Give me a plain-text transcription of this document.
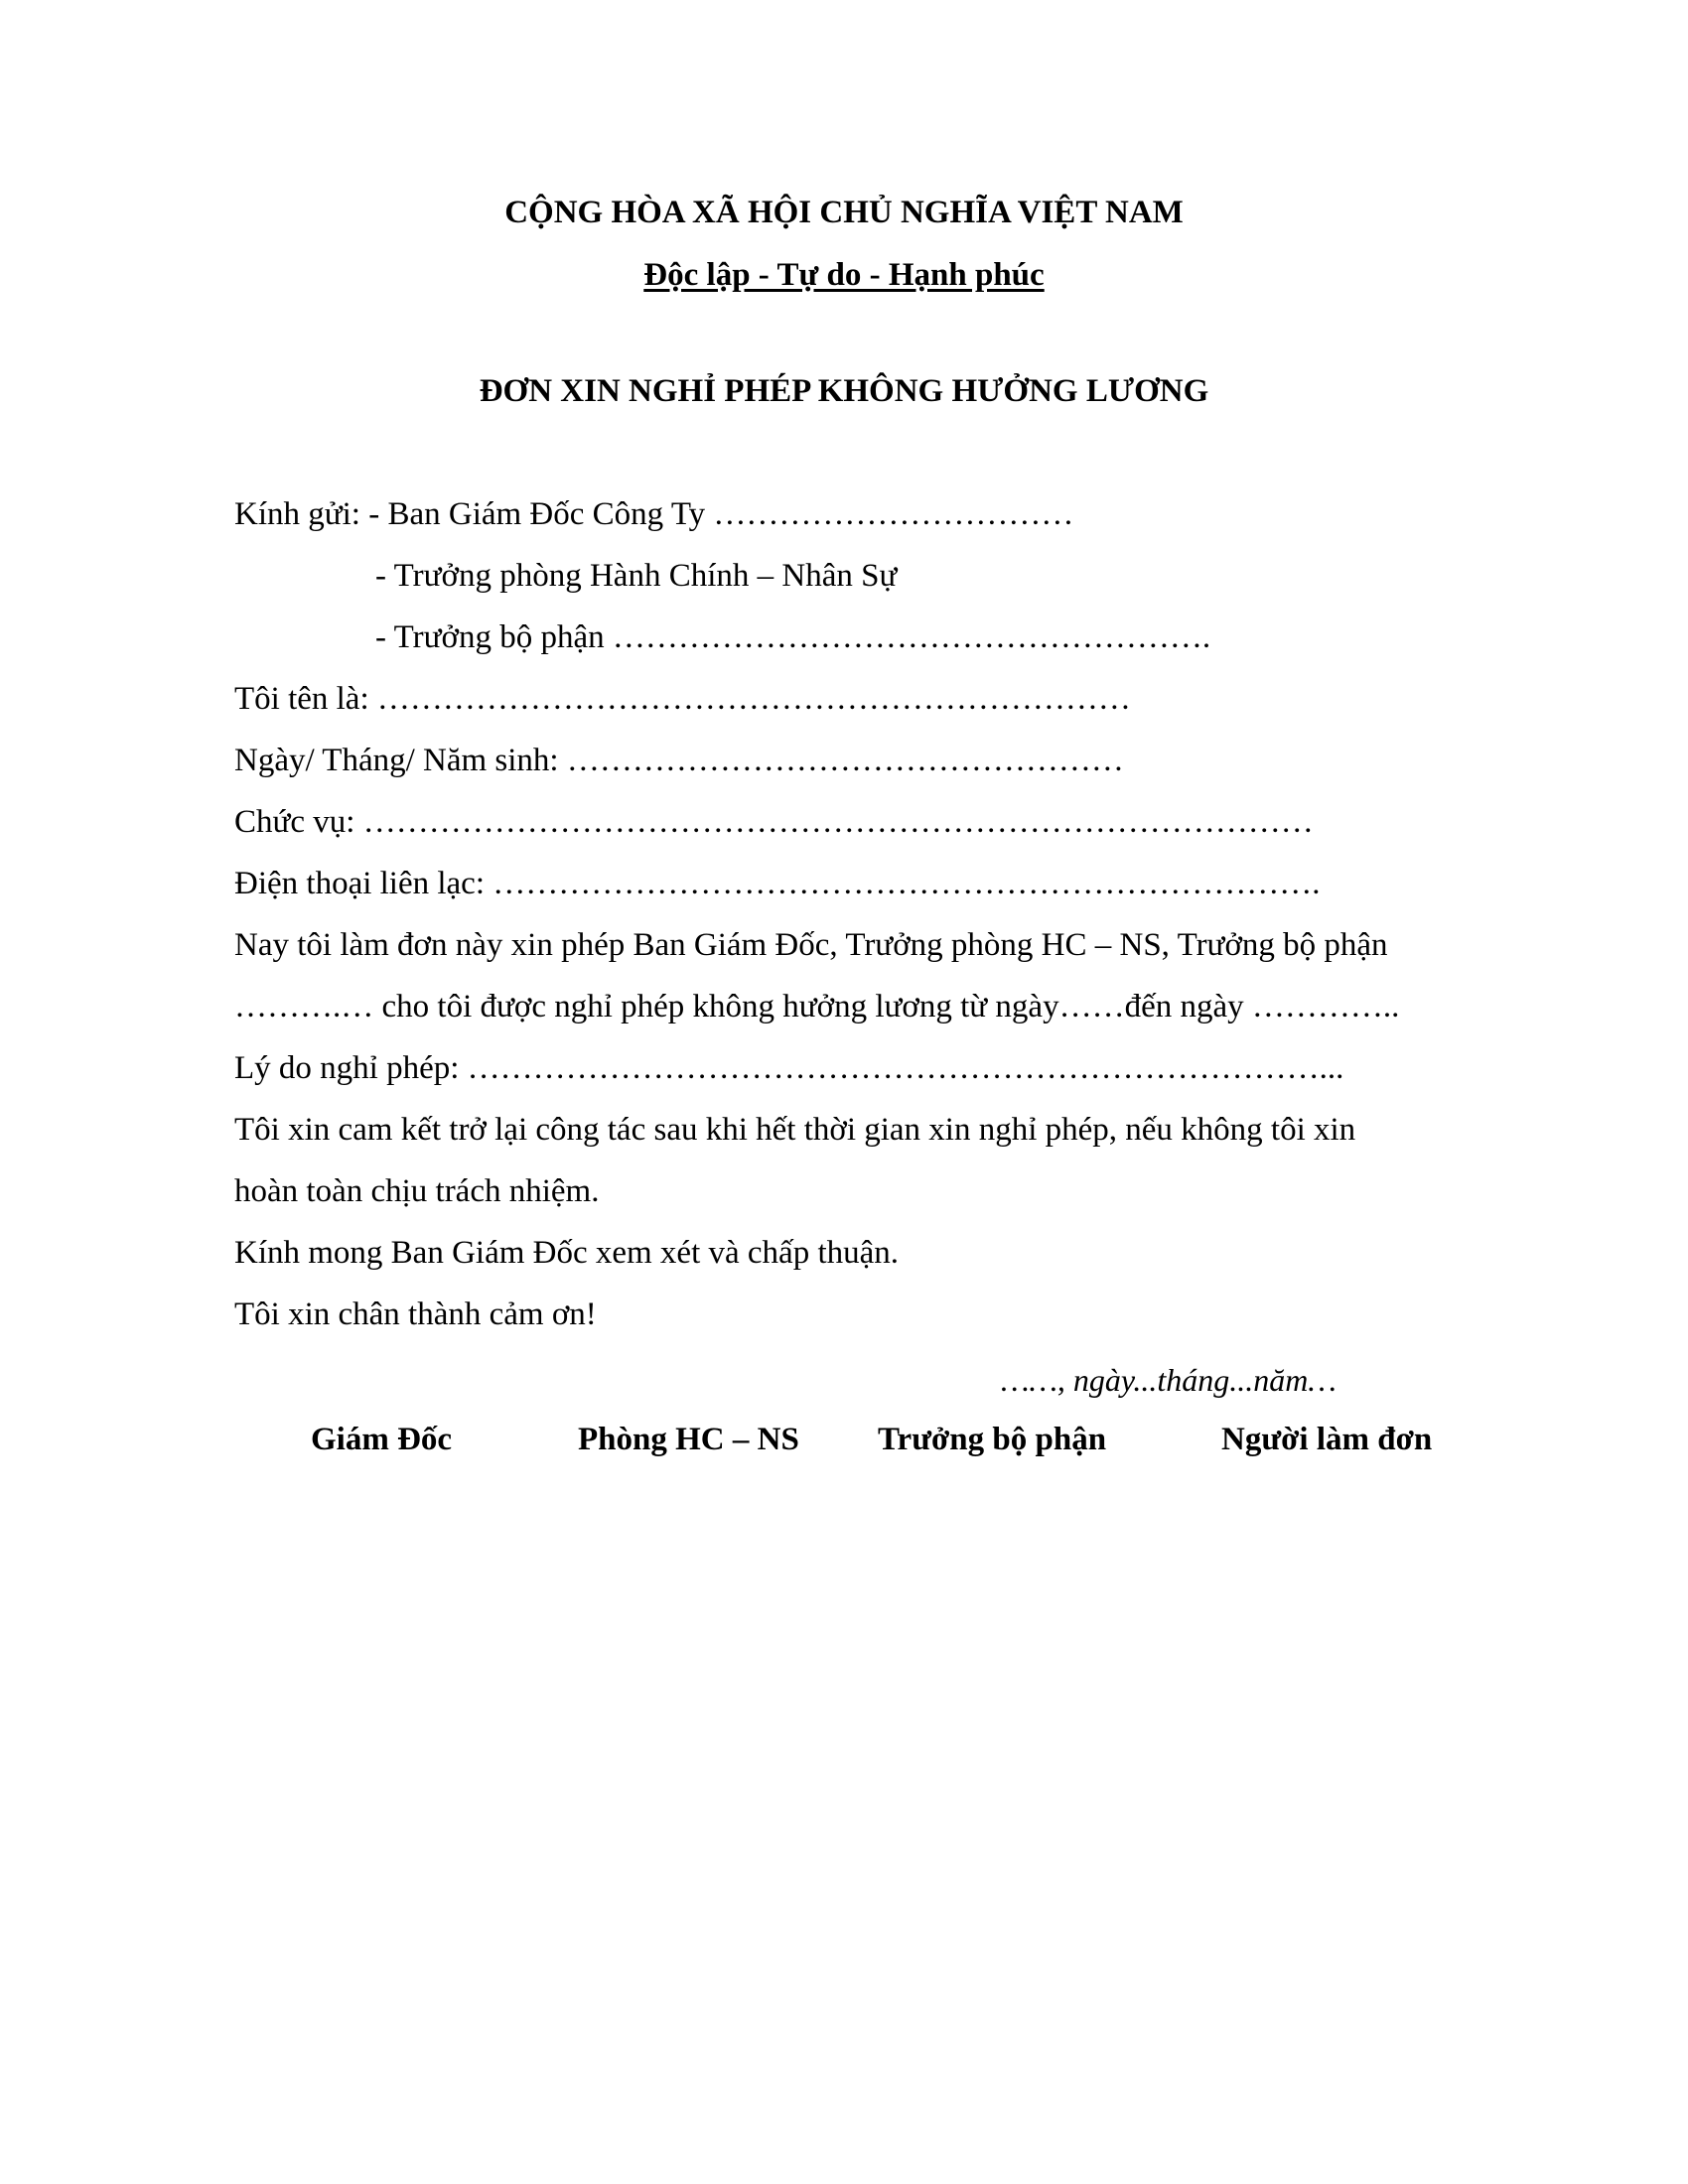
CỘNG HÒA XÃ HỘI CHỦ NGHĨA VIỆT NAM
Độc lập - Tự do - Hạnh phúc
ĐƠN XIN NGHỈ PHÉP KHÔNG HƯỞNG LƯƠNG
Kính gửi: - Ban Giám Đốc Công Ty ……………………………
- Trưởng phòng Hành Chính – Nhân Sự
- Trưởng bộ phận ……………………………………………….
Tôi tên là: ……………………………………………………………
Ngày/ Tháng/ Năm sinh: ……………………………………………
Chức vụ: ……………………………………………………………………………
Điện thoại liên lạc: ………………………………………………………………….
Nay tôi làm đơn này xin phép Ban Giám Đốc, Trưởng phòng HC – NS, Trưởng bộ phận
……….… cho tôi được nghỉ phép không hưởng lương từ ngày……đến ngày …………..
Lý do nghỉ phép: ……………………………………………………………………...
Tôi xin cam kết trở lại công tác sau khi hết thời gian xin nghỉ phép, nếu không tôi xin
hoàn toàn chịu trách nhiệm.
Kính mong Ban Giám Đốc xem xét và chấp thuận.
Tôi xin chân thành cảm ơn!
……, ngày...tháng...năm…
Giám Đốc	Phòng HC – NS Trưởng bộ phận	Người làm đơn
